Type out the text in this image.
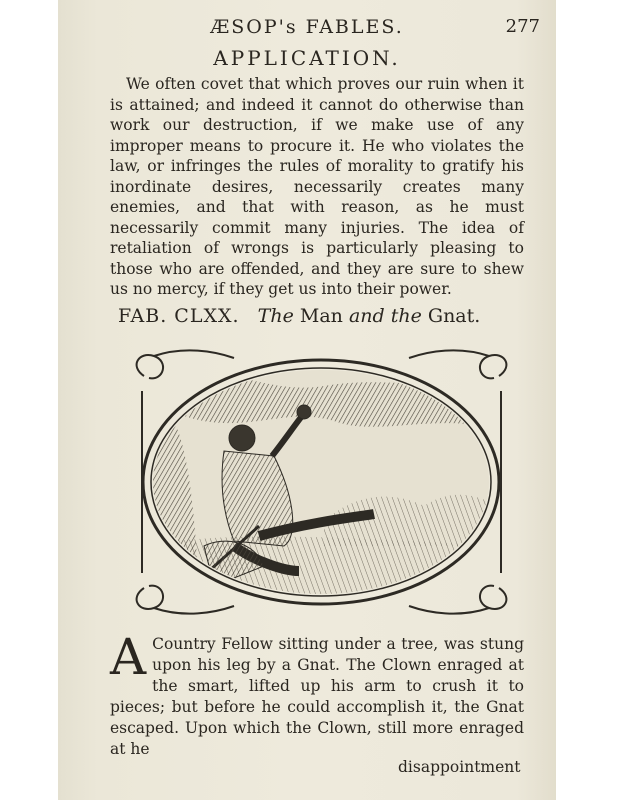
ÆSOP's FABLES.	277
APPLICATION.

We often covet that which proves our ruin when it is attained; and indeed it cannot do otherwise than work our destruction, if we make use of any improper means to procure it. He who violates the law, or infringes the rules of morality to gratify his inordinate desires, necessarily creates many enemies, and that with reason, as he must necessarily commit many injuries. The idea of retaliation of wrongs is particularly pleasing to those who are offended, and they are sure to shew us no mercy, if they get us into their power.

FAB. CLXX. The Man and the Gnat.

A Country Fellow sitting under a tree, was stung upon his leg by a Gnat. The Clown enraged at the smart, lifted up his arm to crush it to pieces; but before he could accomplish it, the Gnat escaped. Upon which the Clown, still more enraged at he

disappointment
